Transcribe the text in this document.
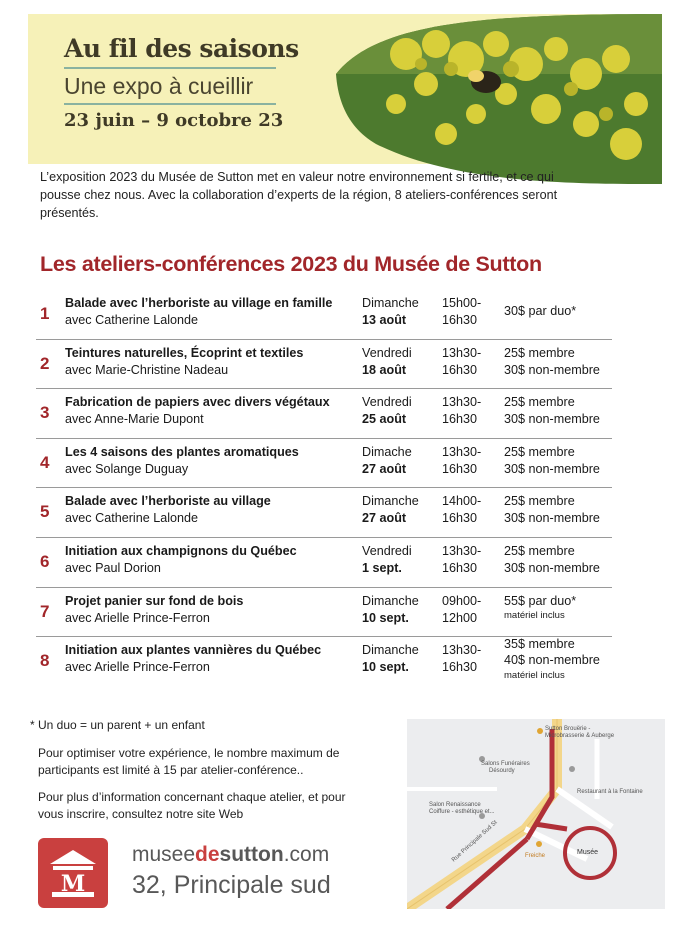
Au fil des saisons
Une expo à cueillir
23 juin – 9 octobre 23
L’exposition 2023 du Musée de Sutton met en valeur notre environnement si fertile, et ce qui pousse chez nous. Avec la collaboration d’experts de la région, 8 ateliers-conférences seront présentés.
Les ateliers-conférences 2023 du Musée de Sutton
1
Balade avec l’herboriste au village en famille
avec Catherine Lalonde
Dimanche
13 août
15h00-
16h30
30$ par duo*
2
Teintures naturelles, Écoprint et textiles
avec Marie-Christine Nadeau
Vendredi
18 août
13h30-
16h30
25$ membre
30$ non-membre
3
Fabrication de papiers avec divers végétaux
avec Anne-Marie Dupont
Vendredi
25 août
13h30-
16h30
25$ membre
30$ non-membre
4
Les 4 saisons des plantes aromatiques
avec Solange Duguay
Dimache
27 août
13h30-
16h30
25$ membre
30$ non-membre
5
Balade avec l’herboriste au village
avec Catherine Lalonde
Dimanche
27 août
14h00-
16h30
25$ membre
30$ non-membre
6
Initiation aux champignons du Québec
avec Paul Dorion
Vendredi
1 sept.
13h30-
16h30
25$ membre
30$ non-membre
7
Projet panier sur fond de bois
avec Arielle Prince-Ferron
Dimanche
10 sept.
09h00-
12h00
55$ par duo*
matériel inclus
8
Initiation aux plantes vannières du Québec
avec Arielle Prince-Ferron
Dimanche
10 sept.
13h30-
16h30
35$ membre
40$ non-membre
matériel inclus
* Un duo = un parent + un enfant
Pour optimiser votre expérience, le nombre maximum de participants est limité à 15 par atelier-conférence..
Pour plus d’information concernant chaque atelier, et pour vous inscrire, consultez notre site Web
M
museedesutton.com
32, Principale sud
Sutton Brouërie -
Microbrasserie & Auberge
Salons Funéraires
Désourdy
Restaurant à la Fontaine
Salon Renaissance
Coiffure - esthétique et...
Freiche	Musée
Rue Principale Sud St
